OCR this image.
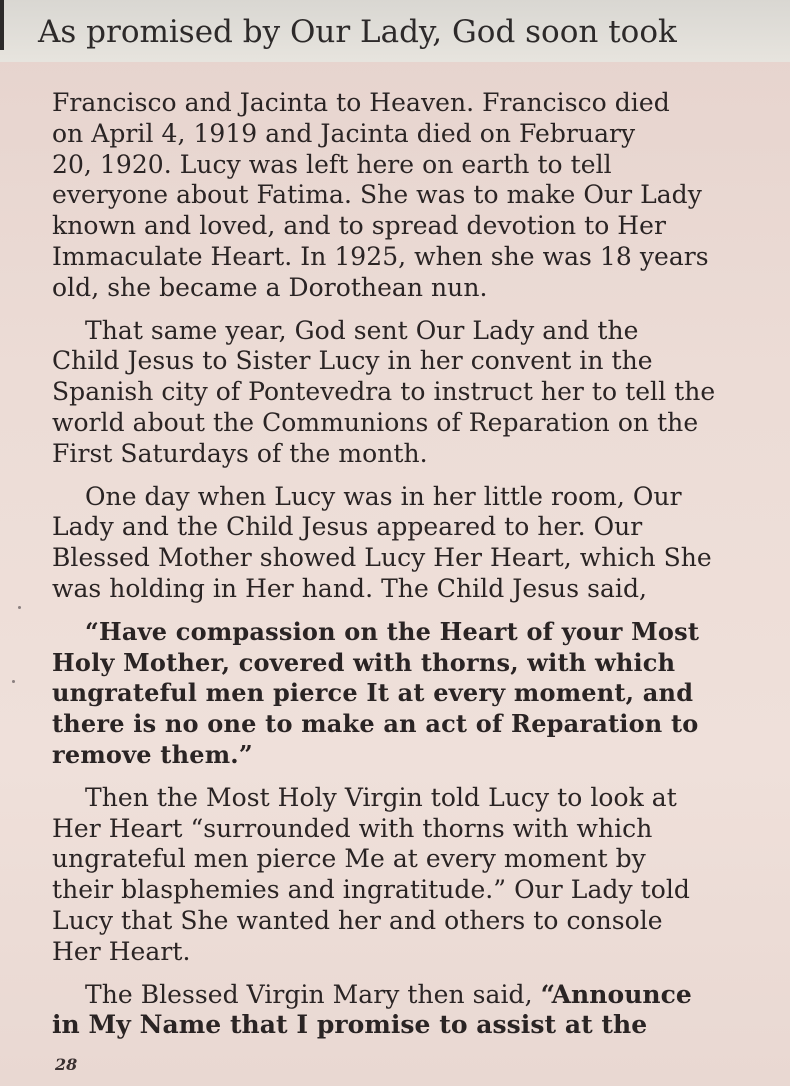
As promised by Our Lady, God soon took
Francisco and Jacinta to Heaven. Francisco died
on April 4, 1919 and Jacinta died on February
20, 1920. Lucy was left here on earth to tell
everyone about Fatima. She was to make Our Lady
known and loved, and to spread devotion to Her
Immaculate Heart. In 1925, when she was 18 years
old, she became a Dorothean nun.
That same year, God sent Our Lady and the
Child Jesus to Sister Lucy in her convent in the
Spanish city of Pontevedra to instruct her to tell the
world about the Communions of Reparation on the
First Saturdays of the month.
One day when Lucy was in her little room, Our
Lady and the Child Jesus appeared to her. Our
Blessed Mother showed Lucy Her Heart, which She
was holding in Her hand. The Child Jesus said,
“Have compassion on the Heart of your Most
Holy Mother, covered with thorns, with which
ungrateful men pierce It at every moment, and
there is no one to make an act of Reparation to
remove them.”
Then the Most Holy Virgin told Lucy to look at
Her Heart “surrounded with thorns with which
ungrateful men pierce Me at every moment by
their blasphemies and ingratitude.” Our Lady told
Lucy that She wanted her and others to console
Her Heart.
The Blessed Virgin Mary then said, “Announce
in My Name that I promise to assist at the
28
